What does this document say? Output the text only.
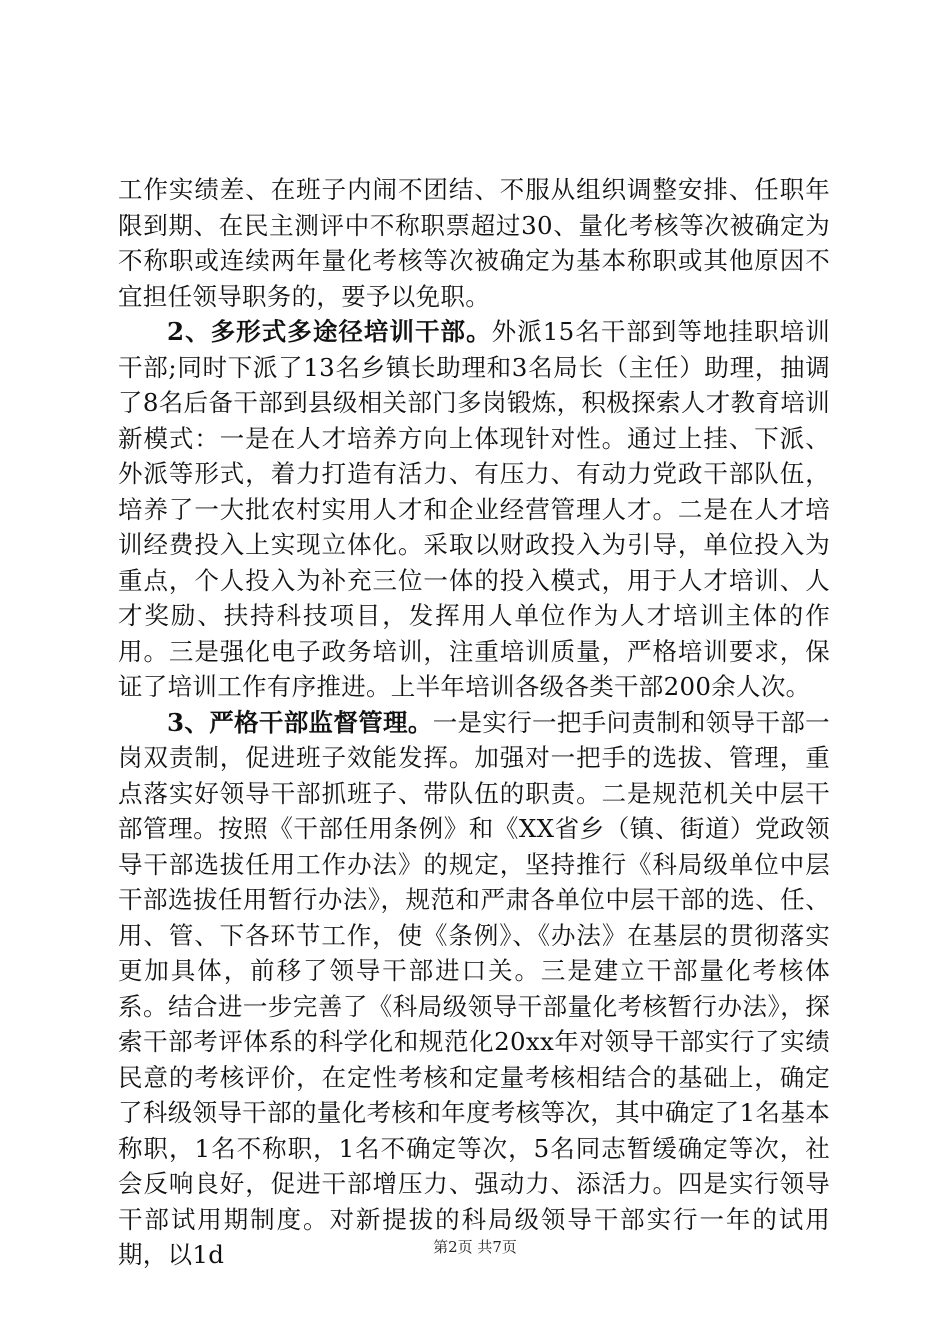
工作实绩差、在班子内闹不团结、不服从组织调整安排、任职年限到期、在民主测评中不称职票超过30、量化考核等次被确定为不称职或连续两年量化考核等次被确定为基本称职或其他原因不宜担任领导职务的，要予以免职。

2、多形式多途径培训干部。外派15名干部到等地挂职培训干部;同时下派了13名乡镇长助理和3名局长（主任）助理，抽调了8名后备干部到县级相关部门多岗锻炼，积极探索人才教育培训新模式：一是在人才培养方向上体现针对性。通过上挂、下派、外派等形式，着力打造有活力、有压力、有动力党政干部队伍，培养了一大批农村实用人才和企业经营管理人才。二是在人才培训经费投入上实现立体化。采取以财政投入为引导，单位投入为重点，个人投入为补充三位一体的投入模式，用于人才培训、人才奖励、扶持科技项目，发挥用人单位作为人才培训主体的作用。三是强化电子政务培训，注重培训质量，严格培训要求，保证了培训工作有序推进。上半年培训各级各类干部200余人次。

3、严格干部监督管理。一是实行一把手问责制和领导干部一岗双责制，促进班子效能发挥。加强对一把手的选拔、管理，重点落实好领导干部抓班子、带队伍的职责。二是规范机关中层干部管理。按照《干部任用条例》和《XX省乡（镇、街道）党政领导干部选拔任用工作办法》的规定，坚持推行《科局级单位中层干部选拔任用暂行办法》，规范和严肃各单位中层干部的选、任、用、管、下各环节工作，使《条例》、《办法》在基层的贯彻落实更加具体，前移了领导干部进口关。三是建立干部量化考核体系。结合进一步完善了《科局级领导干部量化考核暂行办法》，探索干部考评体系的科学化和规范化20xx年对领导干部实行了实绩民意的考核评价，在定性考核和定量考核相结合的基础上，确定了科级领导干部的量化考核和年度考核等次，其中确定了1名基本称职，1名不称职，1名不确定等次，5名同志暂缓确定等次，社会反响良好，促进干部增压力、强动力、添活力。四是实行领导干部试用期制度。对新提拔的科局级领导干部实行一年的试用期，以1d	第2页 共7页
